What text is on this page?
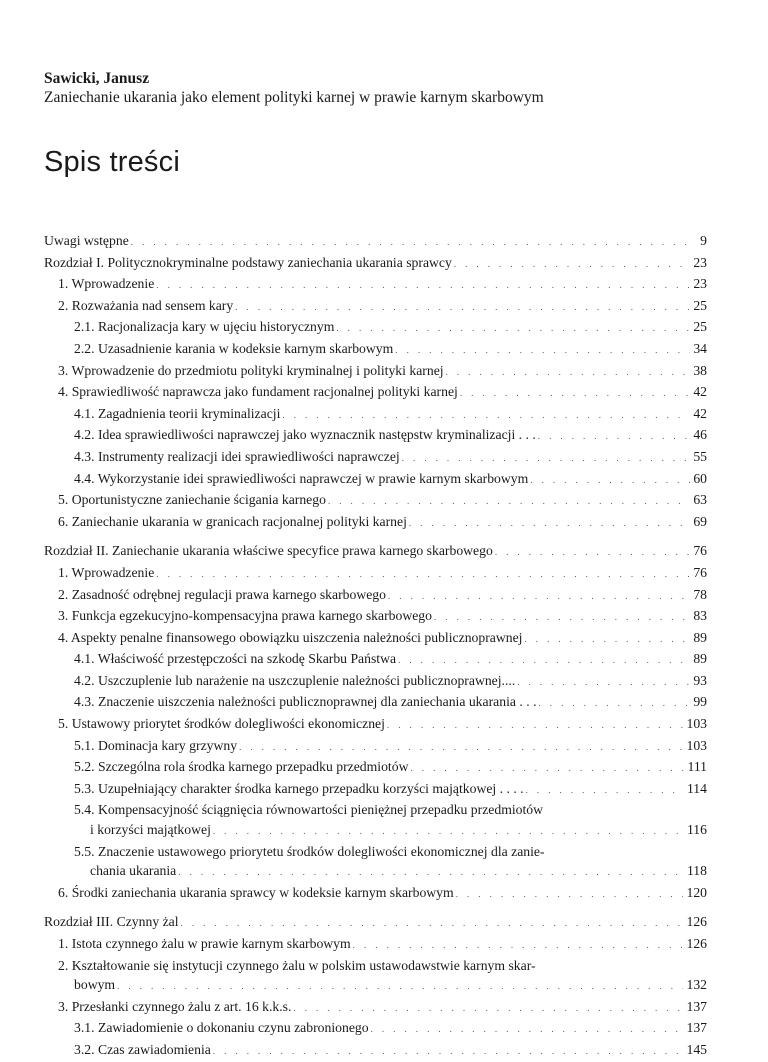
Sawicki, Janusz
Zaniechanie ukarania jako element polityki karnej w prawie karnym skarbowym
Spis treści
Uwagi wstępne . . .	9
Rozdział I. Politycznokryminalne podstawy zaniechania ukarania sprawcy . . .	23
1. Wprowadzenie . . .	23
2. Rozważania nad sensem kary . . .	25
2.1. Racjonalizacja kary w ujęciu historycznym . . .	25
2.2. Uzasadnienie karania w kodeksie karnym skarbowym . . .	34
3. Wprowadzenie do przedmiotu polityki kryminalnej i polityki karnej . . .	38
4. Sprawiedliwość naprawcza jako fundament racjonalnej polityki karnej . . .	42
4.1. Zagadnienia teorii kryminalizacji . . .	42
4.2. Idea sprawiedliwości naprawczej jako wyznacznik następstw kryminalizacji . . . . . .	46
4.3. Instrumenty realizacji idei sprawiedliwości naprawczej . . .	55
4.4. Wykorzystanie idei sprawiedliwości naprawczej w prawie karnym skarbowym . . .	60
5. Oportunistyczne zaniechanie ścigania karnego . . .	63
6. Zaniechanie ukarania w granicach racjonalnej polityki karnej . . .	69
Rozdział II. Zaniechanie ukarania właściwe specyfice prawa karnego skarbowego . . .	76
1. Wprowadzenie . . .	76
2. Zasadność odrębnej regulacji prawa karnego skarbowego . . .	78
3. Funkcja egzekucyjno-kompensacyjna prawa karnego skarbowego . . .	83
4. Aspekty penalne finansowego obowiązku uiszczenia należności publicznoprawnej . . .	89
4.1. Właściwość przestępczości na szkodę Skarbu Państwa . . .	89
4.2. Uszczuplenie lub narażenie na uszczuplenie należności publicznoprawnej.... . . .	93
4.3. Znaczenie uiszczenia należności publicznoprawnej dla zaniechania ukarania . . . . . .	99
5. Ustawowy priorytet środków dolegliwości ekonomicznej . . .	103
5.1. Dominacja kary grzywny . . .	103
5.2. Szczególna rola środka karnego przepadku przedmiotów . . .	111
5.3. Uzupełniający charakter środka karnego przepadku korzyści majątkowej . . . . . . .	114
5.4. Kompensacyjność ściągnięcia równowartości pieniężnej przepadku przedmiotów
i korzyści majątkowej . . .	116
5.5. Znaczenie ustawowego priorytetu środków dolegliwości ekonomicznej dla zanie-
chania ukarania . . .	118
6. Środki zaniechania ukarania sprawcy w kodeksie karnym skarbowym . . .	120
Rozdział III. Czynny żal . . .	126
1. Istota czynnego żalu w prawie karnym skarbowym . . .	126
2. Kształtowanie się instytucji czynnego żalu w polskim ustawodawstwie karnym skar-
bowym . . .	132
3. Przesłanki czynnego żalu z art. 16 k.k.s. . . .	137
3.1. Zawiadomienie o dokonaniu czynu zabronionego . . .	137
3.2. Czas zawiadomienia . . .	145
